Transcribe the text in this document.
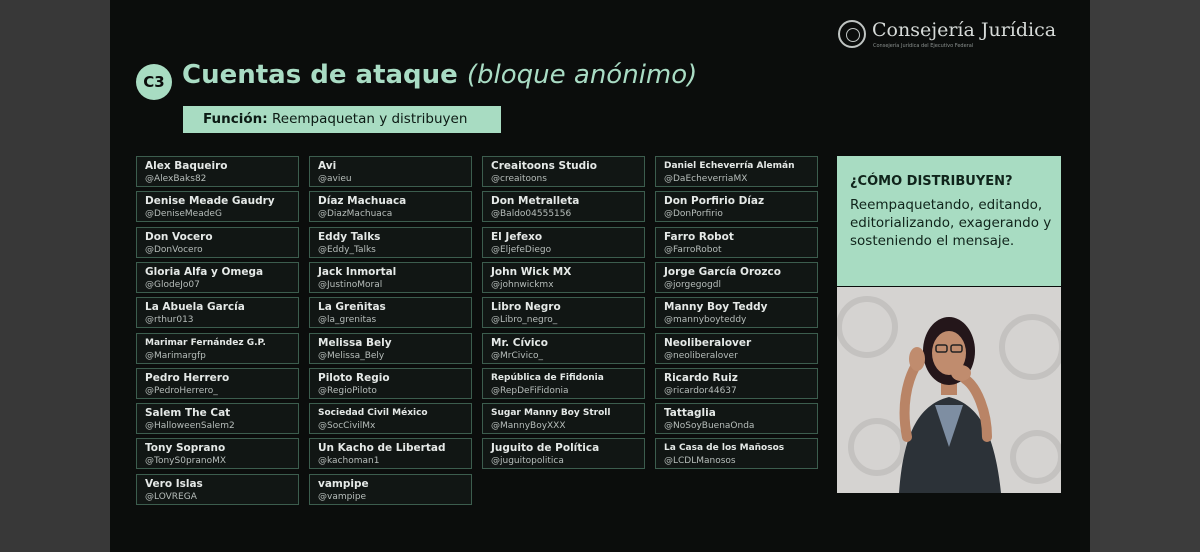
Consejería Jurídica
Consejería Jurídica del Ejecutivo Federal
C3 Cuentas de ataque (bloque anónimo)
Función: Reempaquetan y distribuyen
Alex Baqueiro
@AlexBaks82
Denise Meade Gaudry
@DeniseMeadeG
Don Vocero
@DonVocero
Gloria Alfa y Omega
@GlodeJo07
La Abuela García
@rthur013
Marimar Fernández G.P.
@Marimargfp
Pedro Herrero
@PedroHerrero_
Salem The Cat
@HalloweenSalem2
Tony Soprano
@TonyS0pranoMX
Vero Islas
@LOVREGA
Avi
@avieu
Díaz Machuaca
@DiazMachuaca
Eddy Talks
@Eddy_Talks
Jack Inmortal
@JustinoMoral
La Greñitas
@la_grenitas
Melissa Bely
@Melissa_Bely
Piloto Regio
@RegioPiloto
Sociedad Civil México
@SocCivilMx
Un Kacho de Libertad
@kachoman1
vampipe
@vampipe
Creaitoons Studio
@creaitoons
Don Metralleta
@Baldo04555156
El Jefexo
@EljefeDiego
John Wick MX
@johnwickmx
Libro Negro
@Libro_negro_
Mr. Cívico
@MrCivico_
República de Fifidonia
@RepDeFiFidonia
Sugar Manny Boy Stroll
@MannyBoyXXX
Juguito de Política
@juguitopolitica
Daniel Echeverría Alemán
@DaEcheverriaMX
Don Porfirio Díaz
@DonPorfirio
Farro Robot
@FarroRobot
Jorge García Orozco
@jorgegogdl
Manny Boy Teddy
@mannyboyteddy
Neoliberalover
@neoliberalover
Ricardo Ruiz
@ricardor44637
Tattaglia
@NoSoyBuenaOnda
La Casa de los Mañosos
@LCDLManosos
¿CÓMO DISTRIBUYEN?
Reempaquetando, editando, editorializando, exagerando y sosteniendo el mensaje.
